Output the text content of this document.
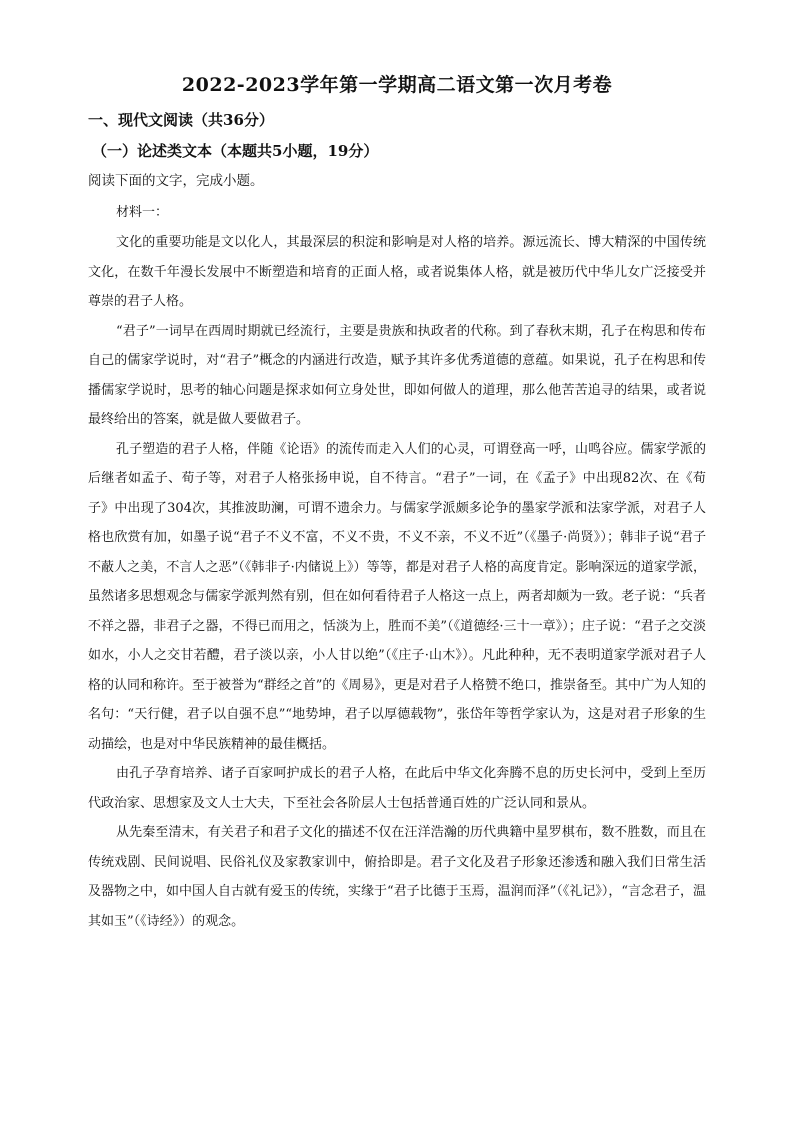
2022-2023学年第一学期高二语文第一次月考卷
一、现代文阅读（共36分）
（一）论述类文本（本题共5小题，19分）
阅读下面的文字，完成小题。
材料一：

文化的重要功能是文以化人，其最深层的积淀和影响是对人格的培养。源远流长、博大精深的中国传统文化，在数千年漫长发展中不断塑造和培育的正面人格，或者说集体人格，就是被历代中华儿女广泛接受并尊崇的君子人格。

“君子”一词早在西周时期就已经流行，主要是贵族和执政者的代称。到了春秋末期，孔子在构思和传布自己的儒家学说时，对“君子”概念的内涵进行改造，赋予其许多优秀道德的意蕴。如果说，孔子在构思和传播儒家学说时，思考的轴心问题是探求如何立身处世，即如何做人的道理，那么他苦苦追寻的结果，或者说最终给出的答案，就是做人要做君子。

孔子塑造的君子人格，伴随《论语》的流传而走入人们的心灵，可谓登高一呼，山鸣谷应。儒家学派的后继者如孟子、荀子等，对君子人格张扬申说，自不待言。“君子”一词，在《孟子》中出现82次、在《荀子》中出现了304次，其推波助澜，可谓不遗余力。与儒家学派颇多论争的墨家学派和法家学派，对君子人格也欣赏有加，如墨子说“君子不义不富，不义不贵，不义不亲，不义不近”（《墨子·尚贤》）；韩非子说“君子不蔽人之美，不言人之恶”（《韩非子·内储说上》）等等，都是对君子人格的高度肯定。影响深远的道家学派，虽然诸多思想观念与儒家学派判然有别，但在如何看待君子人格这一点上，两者却颇为一致。老子说：“兵者不祥之器，非君子之器，不得已而用之，恬淡为上，胜而不美”（《道德经·三十一章》）；庄子说：“君子之交淡如水，小人之交甘若醴，君子淡以亲，小人甘以绝”（《庄子·山木》）。凡此种种，无不表明道家学派对君子人格的认同和称许。至于被誉为“群经之首”的《周易》，更是对君子人格赞不绝口，推崇备至。其中广为人知的名句：“天行健，君子以自强不息”“地势坤，君子以厚德载物”，张岱年等哲学家认为，这是对君子形象的生动描绘，也是对中华民族精神的最佳概括。

由孔子孕育培养、诸子百家呵护成长的君子人格，在此后中华文化奔腾不息的历史长河中，受到上至历代政治家、思想家及文人士大夫，下至社会各阶层人士包括普通百姓的广泛认同和景从。

从先秦至清末，有关君子和君子文化的描述不仅在汪洋浩瀚的历代典籍中星罗棋布，数不胜数，而且在传统戏剧、民间说唱、民俗礼仪及家教家训中，俯拾即是。君子文化及君子形象还渗透和融入我们日常生活及器物之中，如中国人自古就有爱玉的传统，实缘于“君子比德于玉焉，温润而泽”（《礼记》），“言念君子，温其如玉”（《诗经》）的观念。
